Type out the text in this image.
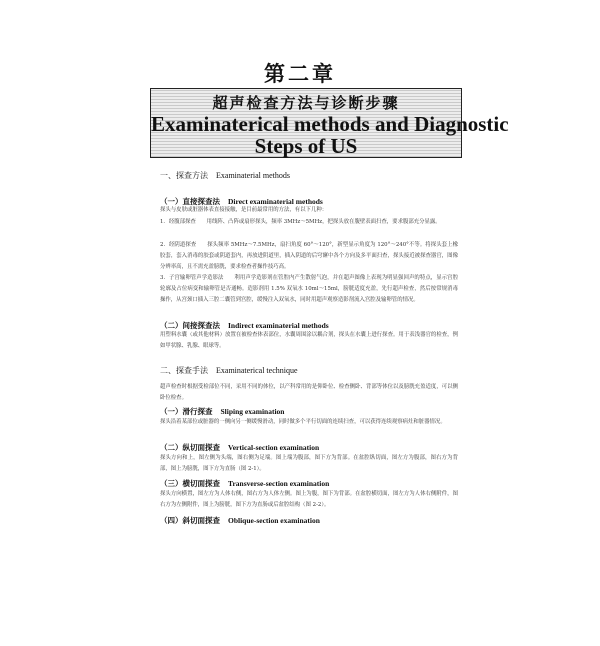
第二章
超声检查方法与诊断步骤
Examinaterical methods and Diagnostic
Steps of US
一、探查方法 Examinaterial methods
（一）直接探查法 Direct examinaterial methods
探头与皮肤或脏器体表直接接触，是目前最常用的方法，有以下几种：
1．经腹部探查　　用线阵、凸阵或扇形探头，频率 3MHz～5MHz，把探头放在腹壁表面扫查，要求腹部充分显露。
2．经阴道探查　　探头频率 5MHz～7.5MHz，扇扫角度 60°～120°，新型显示角度为 120°～240°不等。将探头套上橡胶套，套入消毒的胶套或阴道套内，再放进阴道里，插入阴道的后穹窿中各个方向及多平面扫查，探头接近被探查器官，图像分辨率高，且不需充盈膀胱，要求检查者操作技巧高。
3．子宫输卵管声学造影法　　利用声学造影剂在管腔内产生散射气泡，并在超声图像上表现为明显强回声的特点，显示宫腔轮廓及占位病变和输卵管是否通畅。造影剂用 1.5% 双氧水 10ml～15ml，膀胱适度充盈，先行超声检查，然后按常规消毒操作，从宫颈口插入三腔二囊管到宫腔，缓慢注入双氧水，同时用超声观察造影剂流入宫腔及输卵管的情况。
（二）间接探查法 Indirect examinaterial methods
用塑料水囊（或其他材料）放置在被检查体表部位，水囊周围涂以耦合剂，探头在水囊上进行探查。用于表浅器官的检查，例如甲状腺、乳腺、眼球等。
二、探查手法 Examinaterical technique
超声检查时根据受检部位不同，采用不同的体位，以产科常用的是仰卧位、检查侧卧、背部等体位以及膀胱充盈适度，可以侧卧位检查。
（一）滑行探查 Sliping examination
探头沿着某部位或脏器的一侧向另一侧缓慢滑动，同时做多个平行切面的连续扫查，可以获得连续观察病灶和脏器情况。
（二）纵切面探查 Vertical-section examination
探头方向和上，图左侧为头端，图右侧为足端。图上端为腹部，图下方为背部。在盆腔纵切面，图左方为腹部，图右方为背部，图上为膀胱，图下方为直肠（图 2-1）。
（三）横切面探查 Transverse-section examination
探头方向横置，图左方为人体右侧，图右方为人体左侧。图上为腹，图下为背部。在盆腔横切面，图左方为人体右侧附件，图右方为左侧附件，图上为膀胱，图下方为直肠或后盆腔结构（图 2-2）。
（四）斜切面探查 Oblique-section examination
